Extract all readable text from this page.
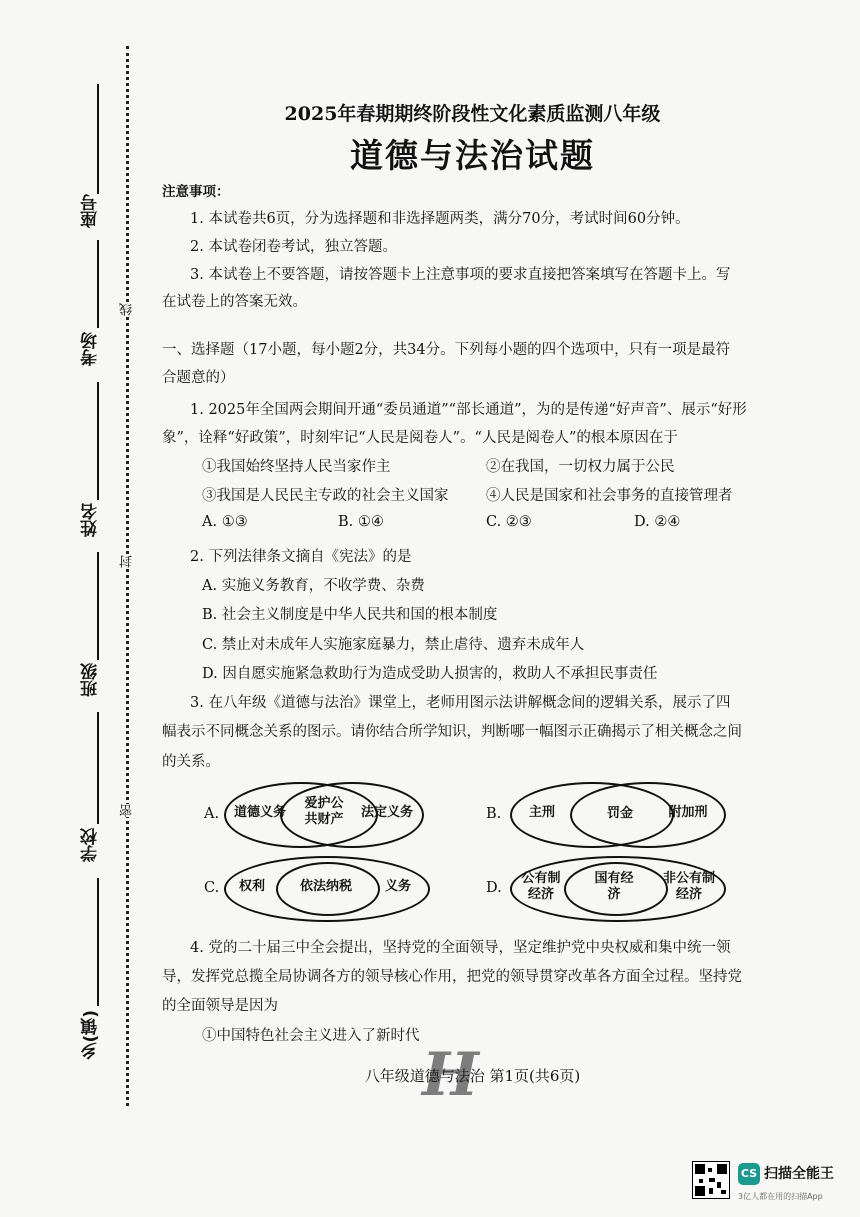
座号
考场
姓名
班级
学校
乡(镇)
线
封
密
2025年春期期终阶段性文化素质监测八年级
道德与法治试题
注意事项：
1. 本试卷共6页，分为选择题和非选择题两类，满分70分，考试时间60分钟。
2. 本试卷闭卷考试，独立答题。
3. 本试卷上不要答题，请按答题卡上注意事项的要求直接把答案填写在答题卡上。写
在试卷上的答案无效。
一、选择题（17小题，每小题2分，共34分。下列每小题的四个选项中，只有一项是最符
合题意的）
1. 2025年全国两会期间开通“委员通道”“部长通道”，为的是传递“好声音”、展示“好形
象”，诠释“好政策”，时刻牢记“人民是阅卷人”。“人民是阅卷人”的根本原因在于
①我国始终坚持人民当家作主	②在我国，一切权力属于公民
③我国是人民民主专政的社会主义国家	④人民是国家和社会事务的直接管理者
A. ①③	B. ①④	C. ②③	D. ②④
2. 下列法律条文摘自《宪法》的是
A. 实施义务教育，不收学费、杂费
B. 社会主义制度是中华人民共和国的根本制度
C. 禁止对未成年人实施家庭暴力，禁止虐待、遗弃未成年人
D. 因自愿实施紧急救助行为造成受助人损害的，救助人不承担民事责任
3. 在八年级《道德与法治》课堂上，老师用图示法讲解概念间的逻辑关系，展示了四
幅表示不同概念关系的图示。请你结合所学知识，判断哪一幅图示正确揭示了相关概念之间
的关系。
A. 道德义务
爱护公共财产 法定义务	B.	主刑	罚金	附加刑
C.	权利	依法纳税	义务	D.
公有制经济
国有经济
非公有制经济
4. 党的二十届三中全会提出，坚持党的全面领导，坚定维护党中央权威和集中统一领
导，发挥党总揽全局协调各方的领导核心作用，把党的领导贯穿改革各方面全过程。坚持党
的全面领导是因为
①中国特色社会主义进入了新时代
H
八年级道德与法治 第1页(共6页)
CS 扫描全能王
3亿人都在用的扫描App
